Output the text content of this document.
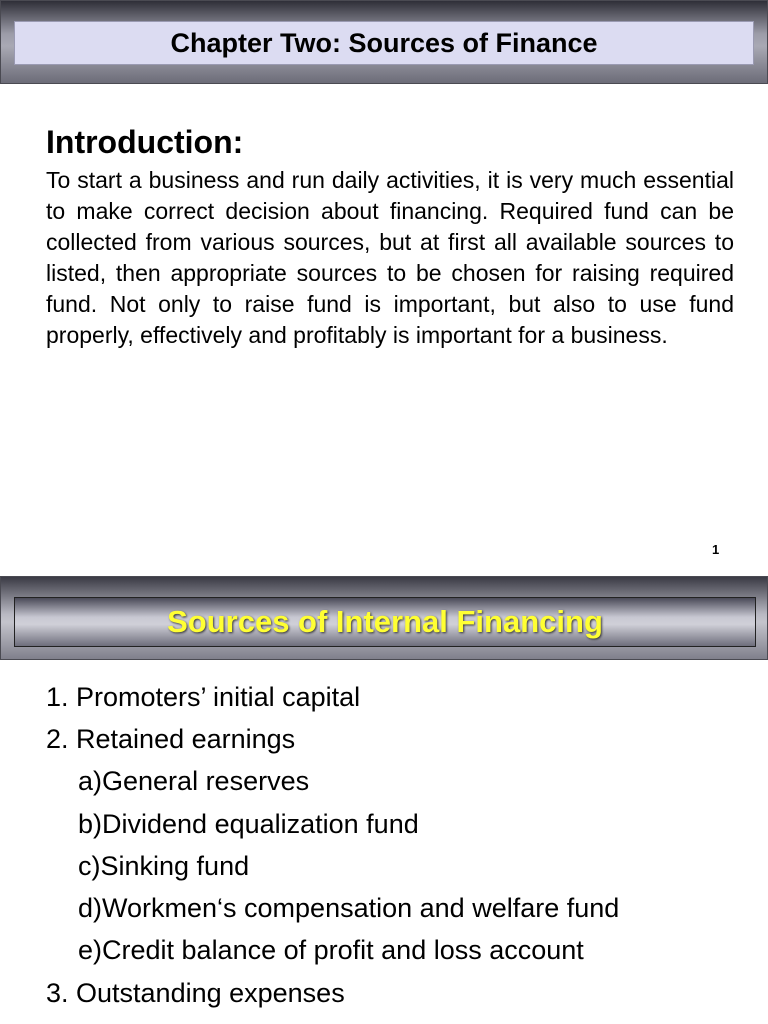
Chapter Two: Sources of Finance
Introduction:
To start a business and run daily activities, it is very much essential to make correct decision about financing. Required fund can be collected from various sources, but at first all available sources to listed, then appropriate sources to be chosen for raising required fund. Not only to raise fund is important, but also to use fund properly, effectively and profitably is important for a business.
1
Sources of Internal Financing
1. Promoters’ initial capital
2. Retained earnings
a)General reserves
b)Dividend equalization fund
c)Sinking fund
d)Workmen‘s compensation and welfare fund
e)Credit balance of profit and loss account
3. Outstanding expenses
